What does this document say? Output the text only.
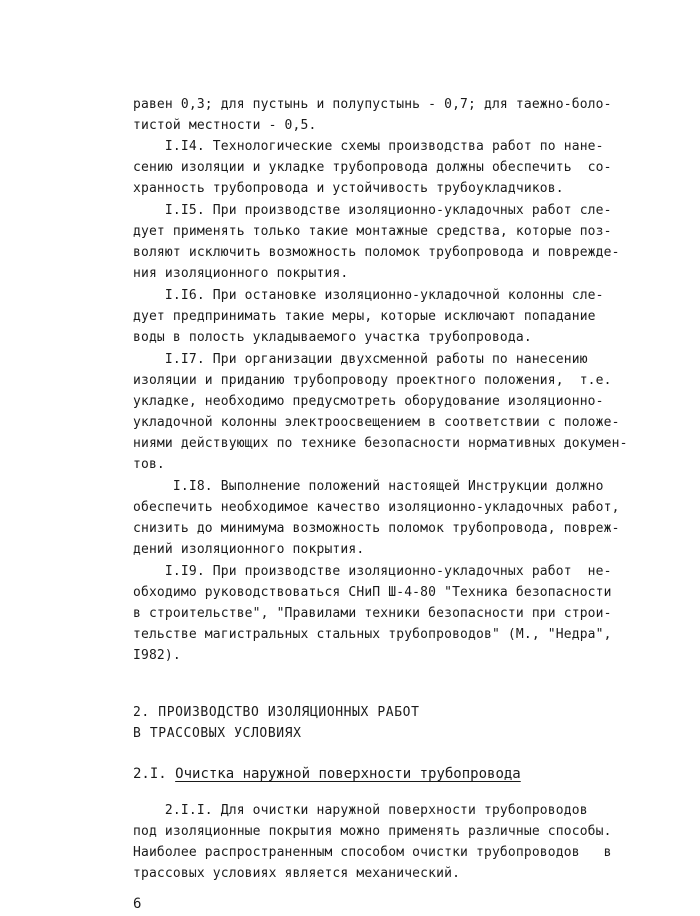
равен 0,3; для пустынь и полупустынь - 0,7; для таежно-боло-
тистой местности - 0,5.
I.I4. Технологические схемы производства работ по нане-
сению изоляции и укладке трубопровода должны обеспечить  со-
хранность трубопровода и устойчивость трубоукладчиков.
I.I5. При производстве изоляционно-укладочных работ сле-
дует применять только такие монтажные средства, которые поз-
воляют исключить возможность поломок трубопровода и поврежде-
ния изоляционного покрытия.
I.I6. При остановке изоляционно-укладочной колонны сле-
дует предпринимать такие меры, которые исключают попадание
воды в полость укладываемого участка трубопровода.
I.I7. При организации двухсменной работы по нанесению
изоляции и приданию трубопроводу проектного положения,  т.е.
укладке, необходимо предусмотреть оборудование изоляционно-
укладочной колонны электроосвещением в соответствии с положе-
ниями действующих по технике безопасности нормативных докумен-
тов.
I.I8. Выполнение положений настоящей Инструкции должно
обеспечить необходимое качество изоляционно-укладочных работ,
снизить до минимума возможность поломок трубопровода, повреж-
дений изоляционного покрытия.
I.I9. При производстве изоляционно-укладочных работ  не-
обходимо руководствоваться СНиП Ш-4-80 "Техника безопасности
в строительстве", "Правилами техники безопасности при строи-
тельстве магистральных стальных трубопроводов" (М., "Недра",
I982).
2. ПРОИЗВОДСТВО ИЗОЛЯЦИОННЫХ РАБОТ
В ТРАССОВЫХ УСЛОВИЯХ
2.I. Очистка наружной поверхности трубопровода
2.I.I. Для очистки наружной поверхности трубопроводов
под изоляционные покрытия можно применять различные способы.
Наиболее распространенным способом очистки трубопроводов   в
трассовых условиях является механический.
6
